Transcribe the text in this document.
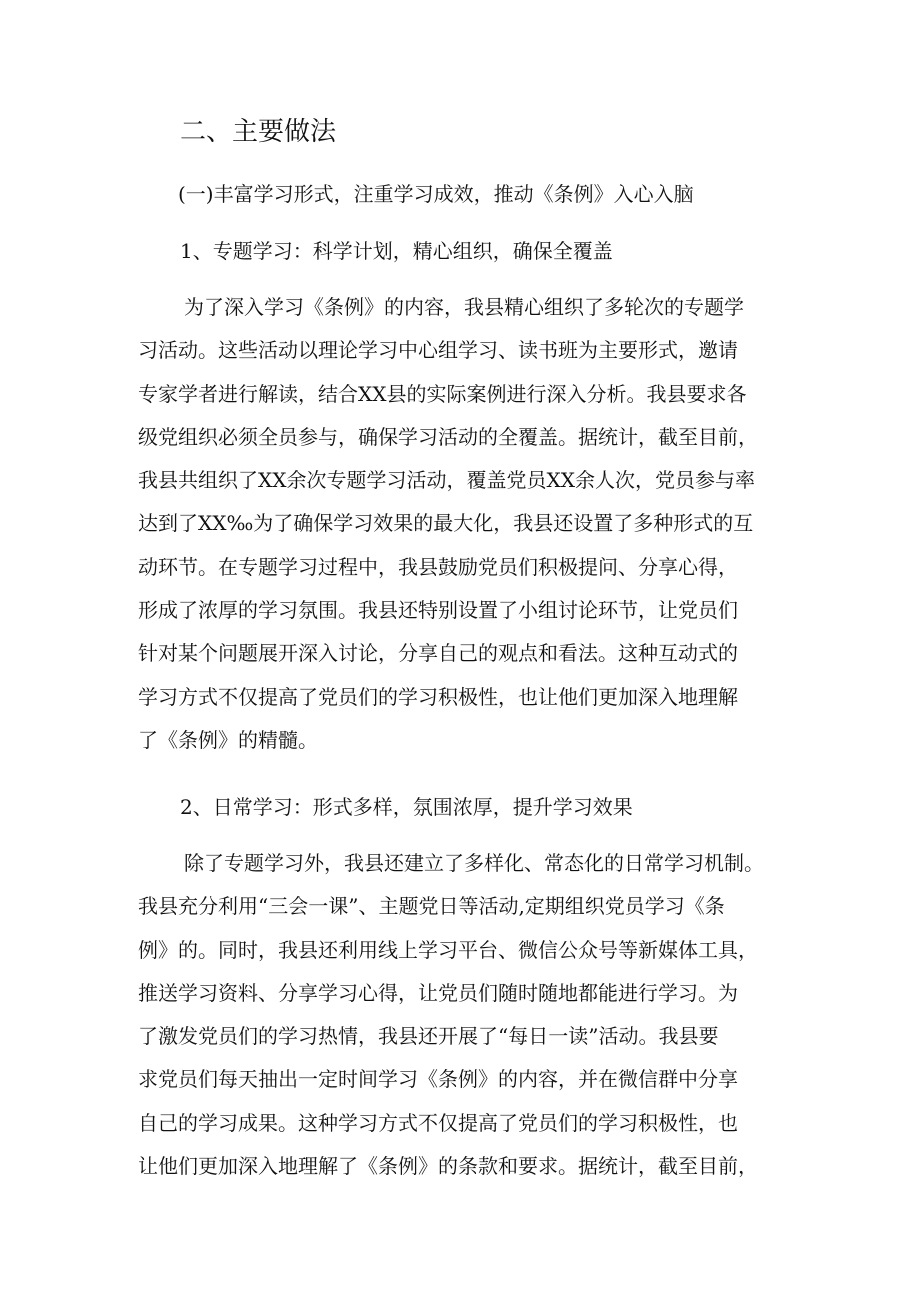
二、主要做法
(一)丰富学习形式，注重学习成效，推动《条例》入心入脑
1、专题学习：科学计划，精心组织，确保全覆盖
为了深入学习《条例》的内容，我县精心组织了多轮次的专题学
习活动。这些活动以理论学习中心组学习、读书班为主要形式，邀请
专家学者进行解读，结合XX县的实际案例进行深入分析。我县要求各
级党组织必须全员参与，确保学习活动的全覆盖。据统计，截至目前，
我县共组织了XX余次专题学习活动，覆盖党员XX余人次，党员参与率
达到了XX‰为了确保学习效果的最大化，我县还设置了多种形式的互
动环节。在专题学习过程中，我县鼓励党员们积极提问、分享心得，
形成了浓厚的学习氛围。我县还特别设置了小组讨论环节，让党员们
针对某个问题展开深入讨论，分享自己的观点和看法。这种互动式的
学习方式不仅提高了党员们的学习积极性，也让他们更加深入地理解
了《条例》的精髓。
2、日常学习：形式多样，氛围浓厚，提升学习效果
除了专题学习外，我县还建立了多样化、常态化的日常学习机制。
我县充分利用“三会一课”、主题党日等活动,定期组织党员学习《条
例》的。同时，我县还利用线上学习平台、微信公众号等新媒体工具，
推送学习资料、分享学习心得，让党员们随时随地都能进行学习。为
了激发党员们的学习热情，我县还开展了“每日一读”活动。我县要
求党员们每天抽出一定时间学习《条例》的内容，并在微信群中分享
自己的学习成果。这种学习方式不仅提高了党员们的学习积极性，也
让他们更加深入地理解了《条例》的条款和要求。据统计，截至目前，
